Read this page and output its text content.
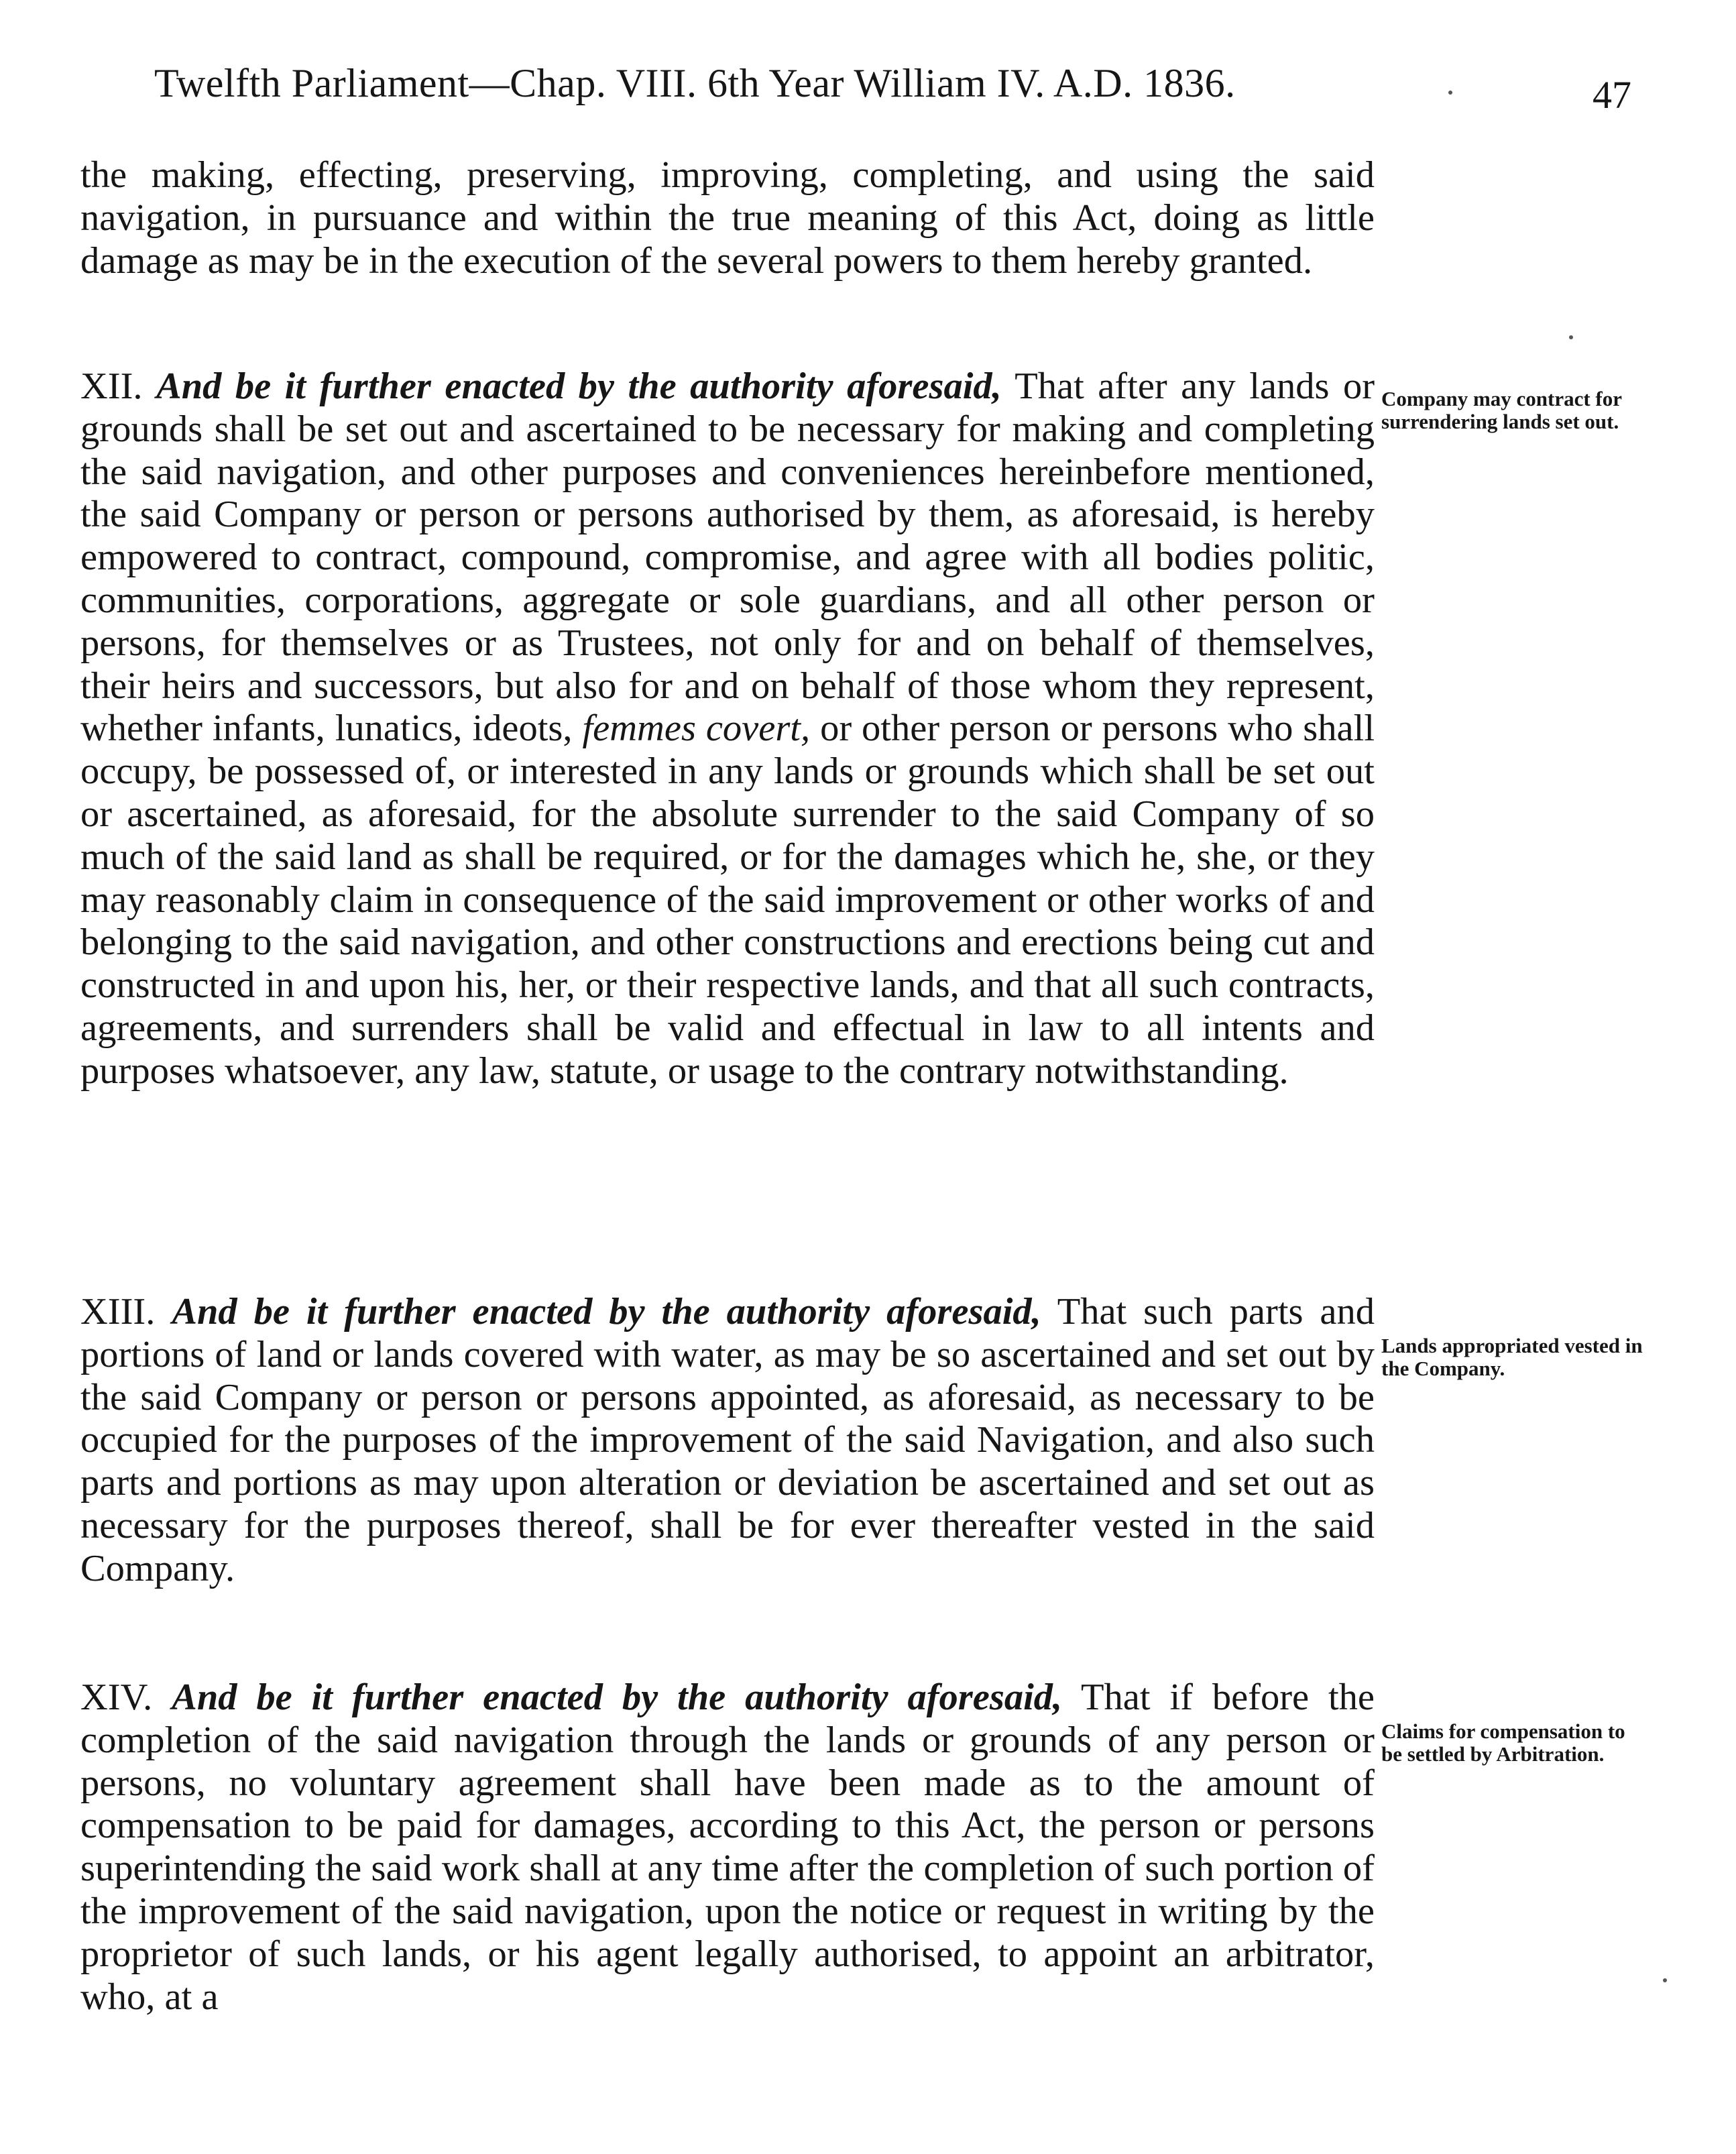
Twelfth Parliament—Chap. VIII. 6th Year William IV. A.D. 1836.	47

the making, effecting, preserving, improving, completing, and using the said navigation, in pursuance and within the true meaning of this Act, doing as little damage as may be in the execution of the several powers to them hereby granted.

XII. And be it further enacted by the authority aforesaid, That after any lands or grounds shall be set out and ascertained to be necessary for making and completing the said navigation, and other purposes and conveniences hereinbefore mentioned, the said Company or person or persons authorised by them, as aforesaid, is hereby empowered to contract, compound, compromise, and agree with all bodies politic, communities, corporations, aggregate or sole guardians, and all other person or persons, for themselves or as Trustees, not only for and on behalf of themselves, their heirs and successors, but also for and on behalf of those whom they represent, whether infants, lunatics, ideots, femmes covert, or other person or persons who shall occupy, be possessed of, or interested in any lands or grounds which shall be set out or ascertained, as aforesaid, for the absolute surrender to the said Company of so much of the said land as shall be required, or for the damages which he, she, or they may reasonably claim in consequence of the said improvement or other works of and belonging to the said navigation, and other constructions and erections being cut and constructed in and upon his, her, or their respective lands, and that all such contracts, agreements, and surrenders shall be valid and effectual in law to all intents and purposes whatsoever, any law, statute, or usage to the contrary notwithstanding.

Company may contract for surrendering lands set out.

XIII. And be it further enacted by the authority aforesaid, That such parts and portions of land or lands covered with water, as may be so ascertained and set out by the said Company or person or persons appointed, as aforesaid, as necessary to be occupied for the purposes of the improvement of the said Navigation, and also such parts and portions as may upon alteration or deviation be ascertained and set out as necessary for the purposes thereof, shall be for ever thereafter vested in the said Company.

Lands appropriated vested in the Company.

XIV. And be it further enacted by the authority aforesaid, That if before the completion of the said navigation through the lands or grounds of any person or persons, no voluntary agreement shall have been made as to the amount of compensation to be paid for damages, according to this Act, the person or persons superintending the said work shall at any time after the completion of such portion of the improvement of the said navigation, upon the notice or request in writing by the proprietor of such lands, or his agent legally authorised, to appoint an arbitrator, who, at a

Claims for compensation to be settled by Arbitration.
